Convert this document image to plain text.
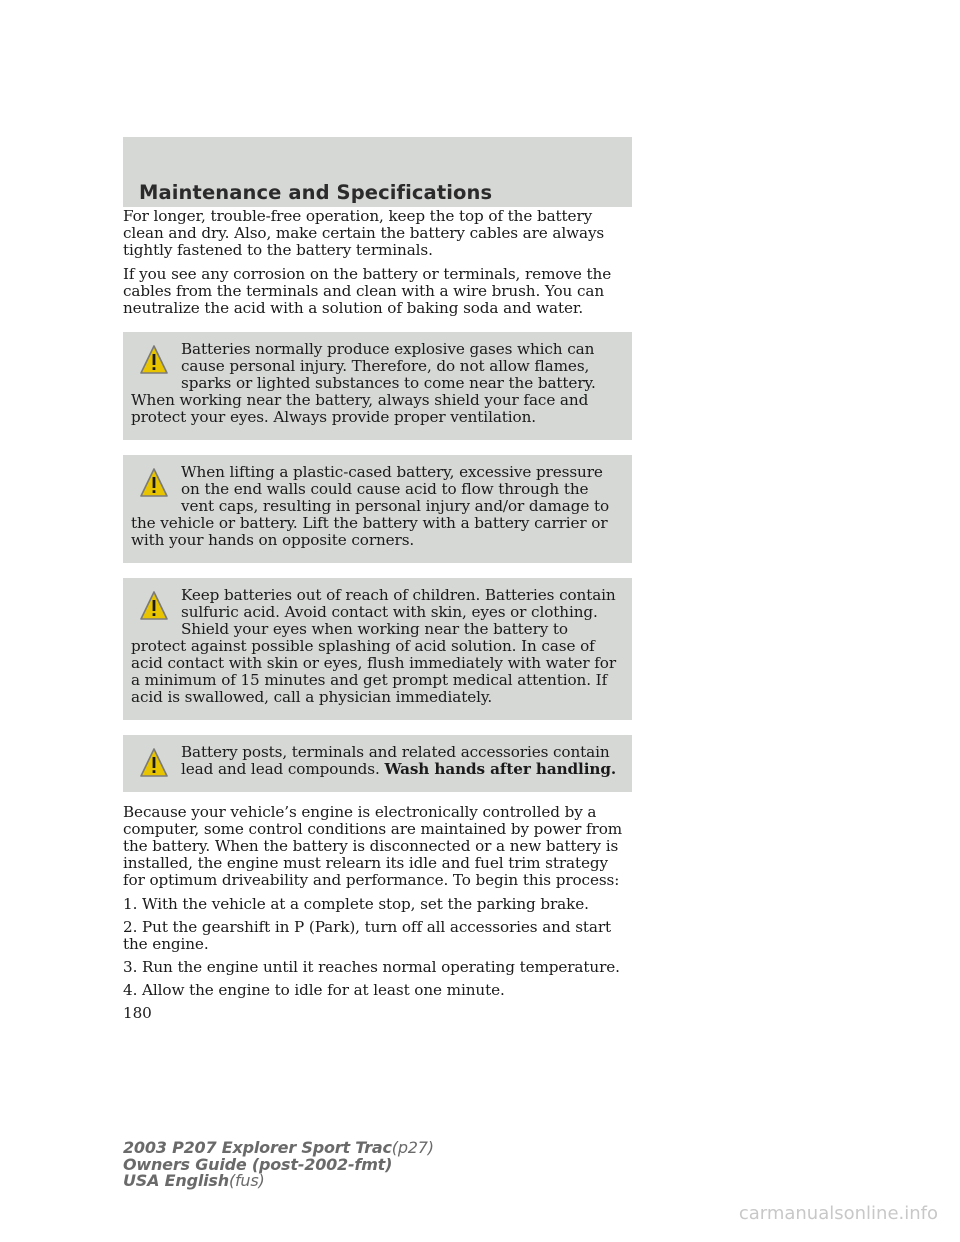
Maintenance and Specifications

For longer, trouble-free operation, keep the top of the battery clean and dry. Also, make certain the battery cables are always tightly fastened to the battery terminals.

If you see any corrosion on the battery or terminals, remove the cables from the terminals and clean with a wire brush. You can neutralize the acid with a solution of baking soda and water.

Batteries normally produce explosive gases which can cause personal injury. Therefore, do not allow flames, sparks or lighted substances to come near the battery. When working near the battery, always shield your face and protect your eyes. Always provide proper ventilation.

When lifting a plastic-cased battery, excessive pressure on the end walls could cause acid to flow through the vent caps, resulting in personal injury and/or damage to the vehicle or battery. Lift the battery with a battery carrier or with your hands on opposite corners.

Keep batteries out of reach of children. Batteries contain sulfuric acid. Avoid contact with skin, eyes or clothing. Shield your eyes when working near the battery to protect against possible splashing of acid solution. In case of acid contact with skin or eyes, flush immediately with water for a minimum of 15 minutes and get prompt medical attention. If acid is swallowed, call a physician immediately.

Battery posts, terminals and related accessories contain lead and lead compounds. Wash hands after handling.

Because your vehicle’s engine is electronically controlled by a computer, some control conditions are maintained by power from the battery. When the battery is disconnected or a new battery is installed, the engine must relearn its idle and fuel trim strategy for optimum driveability and performance. To begin this process:

1. With the vehicle at a complete stop, set the parking brake.

2. Put the gearshift in P (Park), turn off all accessories and start the engine.

3. Run the engine until it reaches normal operating temperature.

4. Allow the engine to idle for at least one minute.

180

2003 P207 Explorer Sport Trac(p27)
Owners Guide (post-2002-fmt)
USA English(fus)

carmanualsonline.info
